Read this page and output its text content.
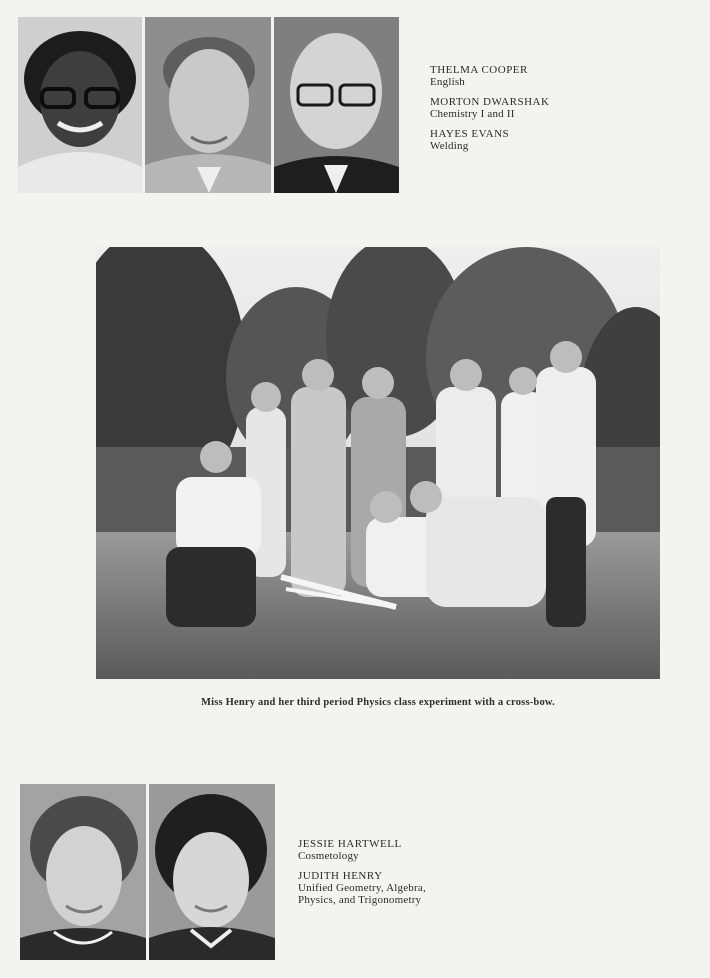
THELMA COOPER
English
MORTON DWARSHAK
Chemistry I and II
HAYES EVANS
Welding
Miss Henry and her third period Physics class experiment with a cross-bow.
JESSIE HARTWELL
Cosmetology
JUDITH HENRY
Unified Geometry, Algebra,
Physics, and Trigonometry
